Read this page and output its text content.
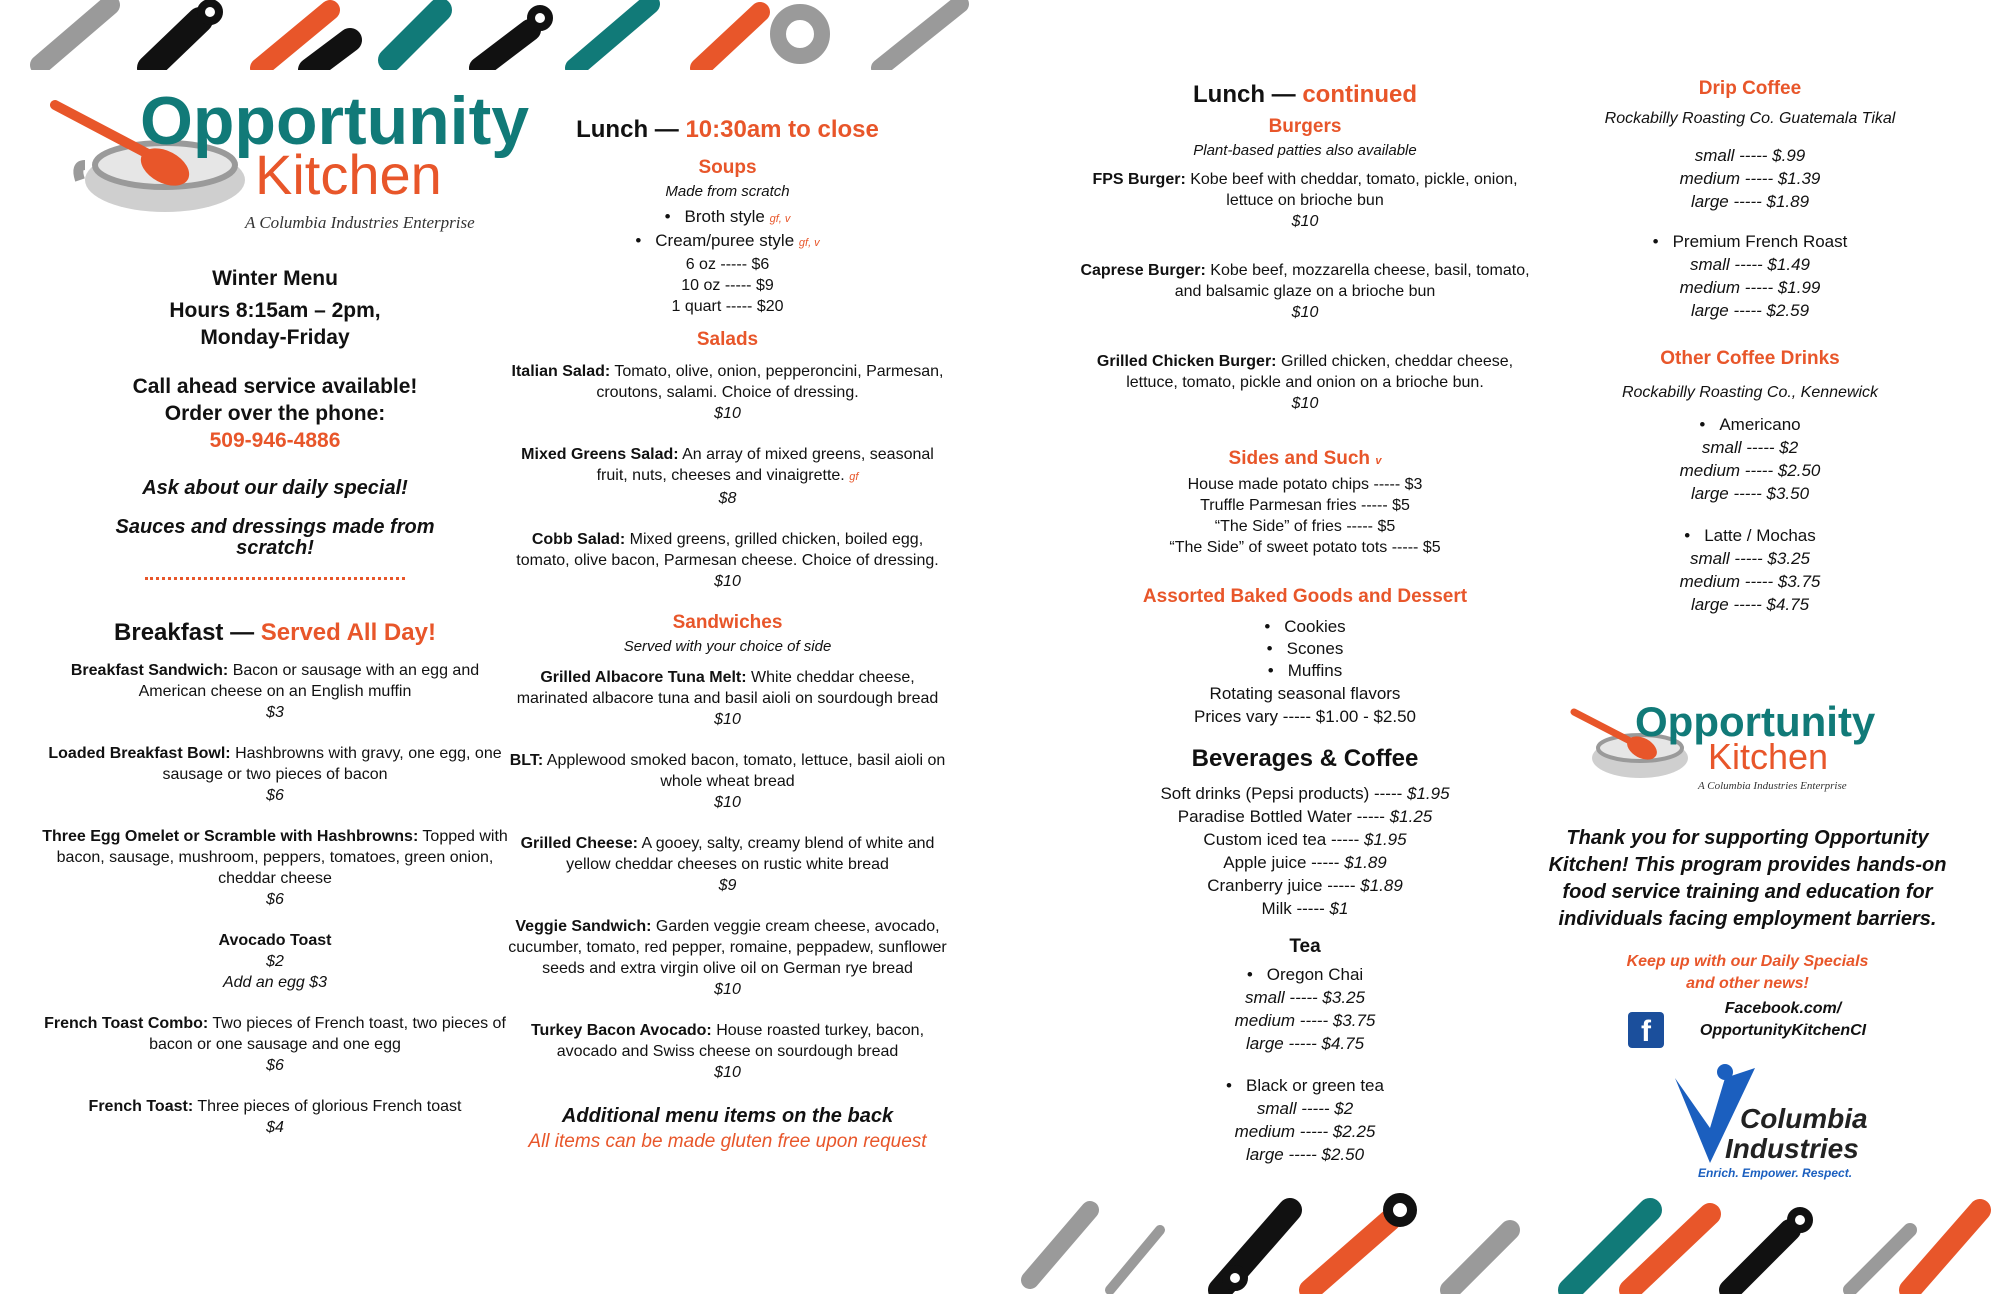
Opportunity
Kitchen
A Columbia Industries Enterprise
Winter Menu
Hours 8:15am – 2pm,
Monday-Friday
Call ahead service available!
Order over the phone:
509-946-4886
Ask about our daily special!
Sauces and dressings made from scratch!
Breakfast — Served All Day!
Breakfast Sandwich: Bacon or sausage with an egg and American cheese on an English muffin
$3
Loaded Breakfast Bowl: Hashbrowns with gravy, one egg, one sausage or two pieces of bacon
$6
Three Egg Omelet or Scramble with Hashbrowns: Topped with bacon, sausage, mushroom, peppers, tomatoes, green onion, cheddar cheese
$6
Avocado Toast
$2
Add an egg $3
French Toast Combo: Two pieces of French toast, two pieces of bacon or one sausage and one egg
$6
French Toast: Three pieces of glorious French toast
$4
Lunch — 10:30am to close
Soups
Made from scratch
• Broth style gf, v
• Cream/puree style gf, v
6 oz ----- $6
10 oz ----- $9
1 quart ----- $20
Salads
Italian Salad: Tomato, olive, onion, pepperoncini, Parmesan, croutons, salami. Choice of dressing.
$10
Mixed Greens Salad: An array of mixed greens, seasonal fruit, nuts, cheeses and vinaigrette. gf
$8
Cobb Salad: Mixed greens, grilled chicken, boiled egg, tomato, olive bacon, Parmesan cheese. Choice of dressing.
$10
Sandwiches
Served with your choice of side
Grilled Albacore Tuna Melt: White cheddar cheese, marinated albacore tuna and basil aioli on sourdough bread
$10
BLT: Applewood smoked bacon, tomato, lettuce, basil aioli on whole wheat bread
$10
Grilled Cheese: A gooey, salty, creamy blend of white and yellow cheddar cheeses on rustic white bread
$9
Veggie Sandwich: Garden veggie cream cheese, avocado, cucumber, tomato, red pepper, romaine, peppadew, sunflower seeds and extra virgin olive oil on German rye bread
$10
Turkey Bacon Avocado: House roasted turkey, bacon, avocado and Swiss cheese on sourdough bread
$10
Additional menu items on the back
All items can be made gluten free upon request
Lunch — continued
Burgers
Plant-based patties also available
FPS Burger: Kobe beef with cheddar, tomato, pickle, onion, lettuce on brioche bun
$10
Caprese Burger: Kobe beef, mozzarella cheese, basil, tomato, and balsamic glaze on a brioche bun
$10
Grilled Chicken Burger: Grilled chicken, cheddar cheese, lettuce, tomato, pickle and onion on a brioche bun.
$10
Sides and Such v
House made potato chips ----- $3
Truffle Parmesan fries ----- $5
“The Side” of fries ----- $5
“The Side” of sweet potato tots ----- $5
Assorted Baked Goods and Dessert
• Cookies
• Scones
• Muffins
Rotating seasonal flavors
Prices vary ----- $1.00 - $2.50
Beverages & Coffee
Soft drinks (Pepsi products) ----- $1.95
Paradise Bottled Water ----- $1.25
Custom iced tea ----- $1.95
Apple juice ----- $1.89
Cranberry juice ----- $1.89
Milk ----- $1
Tea
• Oregon Chai
small ----- $3.25
medium ----- $3.75
large ----- $4.75
• Black or green tea
small ----- $2
medium ----- $2.25
large ----- $2.50
Drip Coffee
Rockabilly Roasting Co. Guatemala Tikal
small ----- $.99
medium ----- $1.39
large ----- $1.89
• Premium French Roast
small ----- $1.49
medium ----- $1.99
large ----- $2.59
Other Coffee Drinks
Rockabilly Roasting Co., Kennewick
• Americano
small ----- $2
medium ----- $2.50
large ----- $3.50
• Latte / Mochas
small ----- $3.25
medium ----- $3.75
large ----- $4.75
Opportunity
Kitchen
A Columbia Industries Enterprise
Thank you for supporting Opportunity Kitchen! This program provides hands-on food service training and education for individuals facing employment barriers.
Keep up with our Daily Specials and other news!
f
Facebook.com/
OpportunityKitchenCI
Columbia
Industries
Enrich. Empower. Respect.
